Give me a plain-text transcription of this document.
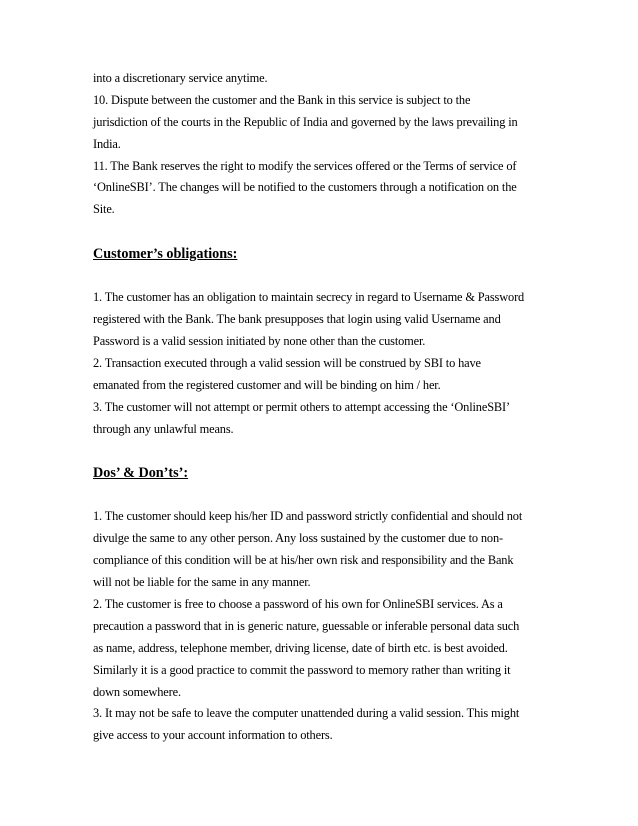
into a discretionary service anytime.
10. Dispute between the customer and the Bank in this service is subject to the
jurisdiction of the courts in the Republic of India and governed by the laws prevailing in
India.
11. The Bank reserves the right to modify the services offered or the Terms of service of
‘OnlineSBI’. The changes will be notified to the customers through a notification on the
Site.
Customer’s obligations:
1. The customer has an obligation to maintain secrecy in regard to Username & Password
registered with the Bank. The bank presupposes that login using valid Username and
Password is a valid session initiated by none other than the customer.
2. Transaction executed through a valid session will be construed by SBI to have
emanated from the registered customer and will be binding on him / her.
3. The customer will not attempt or permit others to attempt accessing the ‘OnlineSBI’
through any unlawful means.
Dos’ & Don’ts’:
1. The customer should keep his/her ID and password strictly confidential and should not
divulge the same to any other person. Any loss sustained by the customer due to non-
compliance of this condition will be at his/her own risk and responsibility and the Bank
will not be liable for the same in any manner.
2. The customer is free to choose a password of his own for OnlineSBI services. As a
precaution a password that in is generic nature, guessable or inferable personal data such
as name, address, telephone member, driving license, date of birth etc. is best avoided.
Similarly it is a good practice to commit the password to memory rather than writing it
down somewhere.
3. It may not be safe to leave the computer unattended during a valid session. This might
give access to your account information to others.
